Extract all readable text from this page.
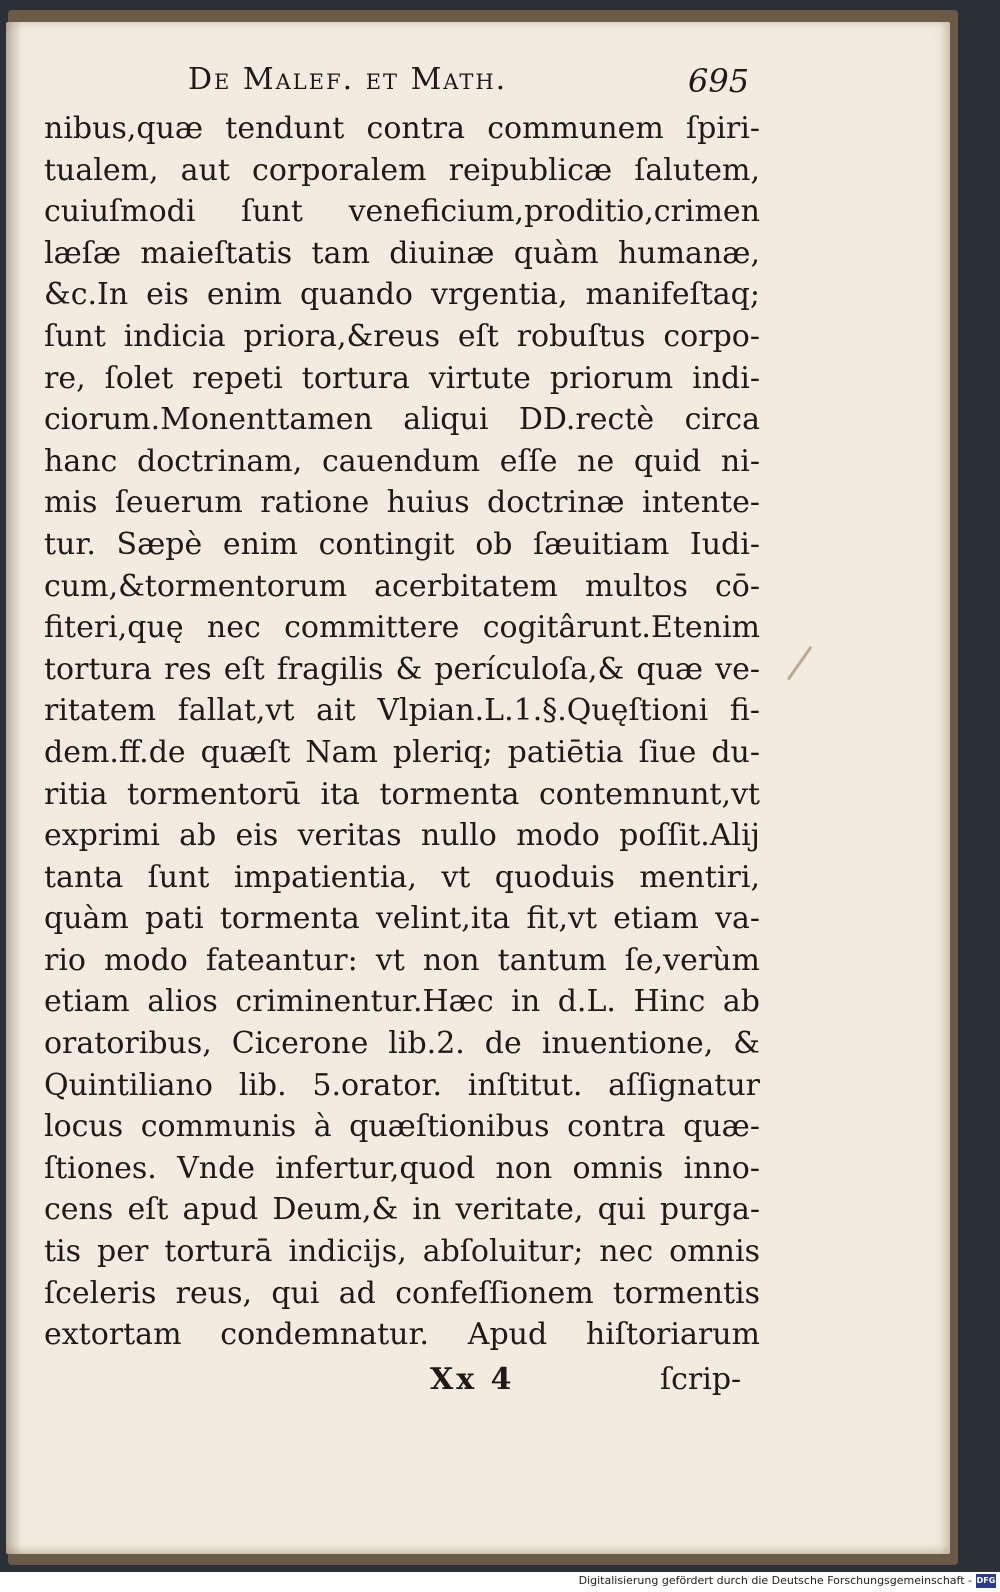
De Malef. et Math.	695
nibus,quæ tendunt contra communem ſpiri-
tualem, aut corporalem reipublicæ ſalutem,
cuiuſmodi ſunt veneficium,proditio,crimen
læſæ maieſtatis tam diuinæ quàm humanæ,
&c.In eis enim quando vrgentia, manifeſtaq;
ſunt indicia priora,&reus eſt robuſtus corpo-
re, ſolet repeti tortura virtute priorum indi-
ciorum.Monenttamen aliqui DD.rectè circa
hanc doctrinam, cauendum eſſe ne quid ni-
mis ſeuerum ratione huius doctrinæ intente-
tur. Sæpè enim contingit ob ſæuitiam Iudi-
cum,&tormentorum acerbitatem multos cō-
fiteri,quę nec committere cogitârunt.Etenim
tortura res eſt fragilis & perículoſa,& quæ ve-
ritatem fallat,vt ait Vlpian.L.1.§.Quęſtioni fi-
dem.ff.de quæſt Nam pleriq; patiētia ſiue du-
ritia tormentorū ita tormenta contemnunt,vt
exprimi ab eis veritas nullo modo poſſit.Alij
tanta ſunt impatientia, vt quoduis mentiri,
quàm pati tormenta velint,ita fit,vt etiam va-
rio modo fateantur: vt non tantum ſe,verùm
etiam alios criminentur.Hæc in d.L. Hinc ab
oratoribus, Cicerone lib.2. de inuentione, &
Quintiliano lib. 5.orator. inſtitut. aſſignatur
locus communis à quæſtionibus contra quæ-
ſtiones. Vnde infertur,quod non omnis inno-
cens eſt apud Deum,& in veritate, qui purga-
tis per torturā indicijs, abſoluitur; nec omnis
ſceleris reus, qui ad confeſſionem tormentis
extortam condemnatur. Apud hiſtoriarum
Xx 4	ſcrip-
Digitalisierung gefördert durch die Deutsche Forschungsgemeinschaft - DFG
